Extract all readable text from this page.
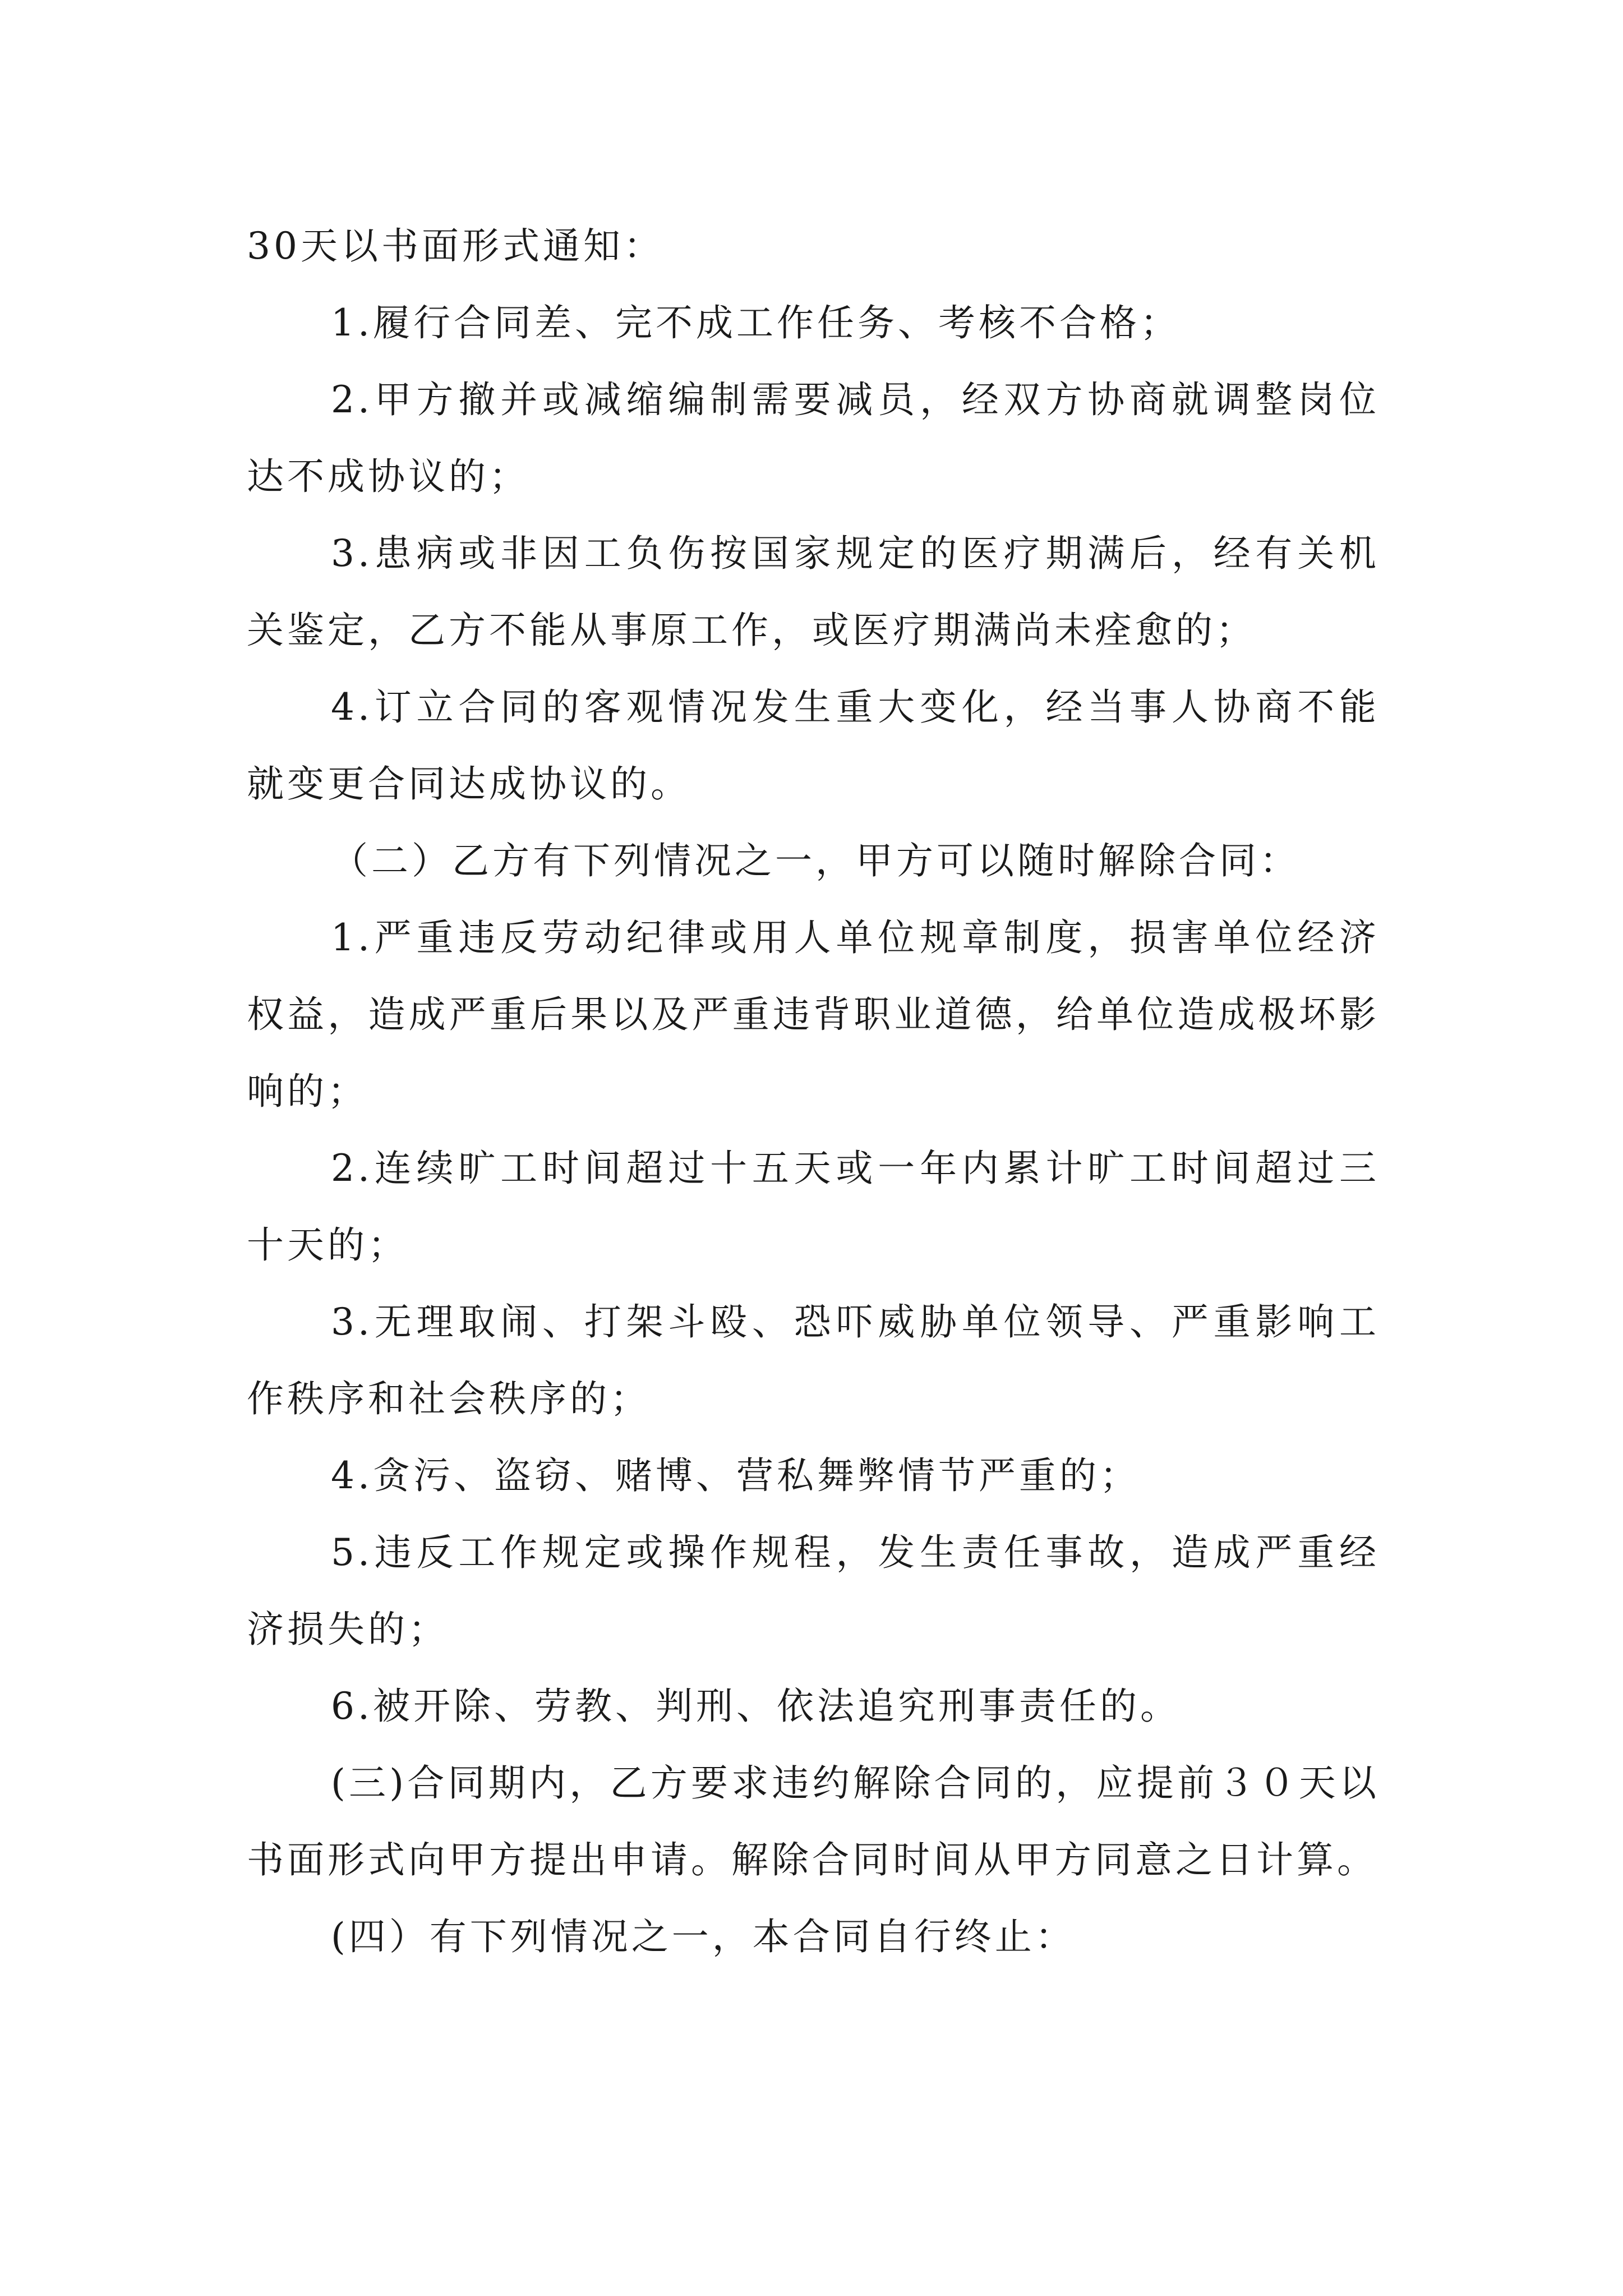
30天以书面形式通知：

1.履行合同差、完不成工作任务、考核不合格；

2.甲方撤并或减缩编制需要减员，经双方协商就调整岗位达不成协议的；

3.患病或非因工负伤按国家规定的医疗期满后，经有关机关鉴定，乙方不能从事原工作，或医疗期满尚未痊愈的；

4.订立合同的客观情况发生重大变化，经当事人协商不能就变更合同达成协议的。

（二）乙方有下列情况之一，甲方可以随时解除合同：

1.严重违反劳动纪律或用人单位规章制度，损害单位经济权益，造成严重后果以及严重违背职业道德，给单位造成极坏影响的；

2.连续旷工时间超过十五天或一年内累计旷工时间超过三十天的；

3.无理取闹、打架斗殴、恐吓威胁单位领导、严重影响工作秩序和社会秩序的；

4.贪污、盗窃、赌博、营私舞弊情节严重的；

5.违反工作规定或操作规程，发生责任事故，造成严重经济损失的；

6.被开除、劳教、判刑、依法追究刑事责任的。

(三)合同期内，乙方要求违约解除合同的，应提前３０天以书面形式向甲方提出申请。解除合同时间从甲方同意之日计算。

(四）有下列情况之一，本合同自行终止：
